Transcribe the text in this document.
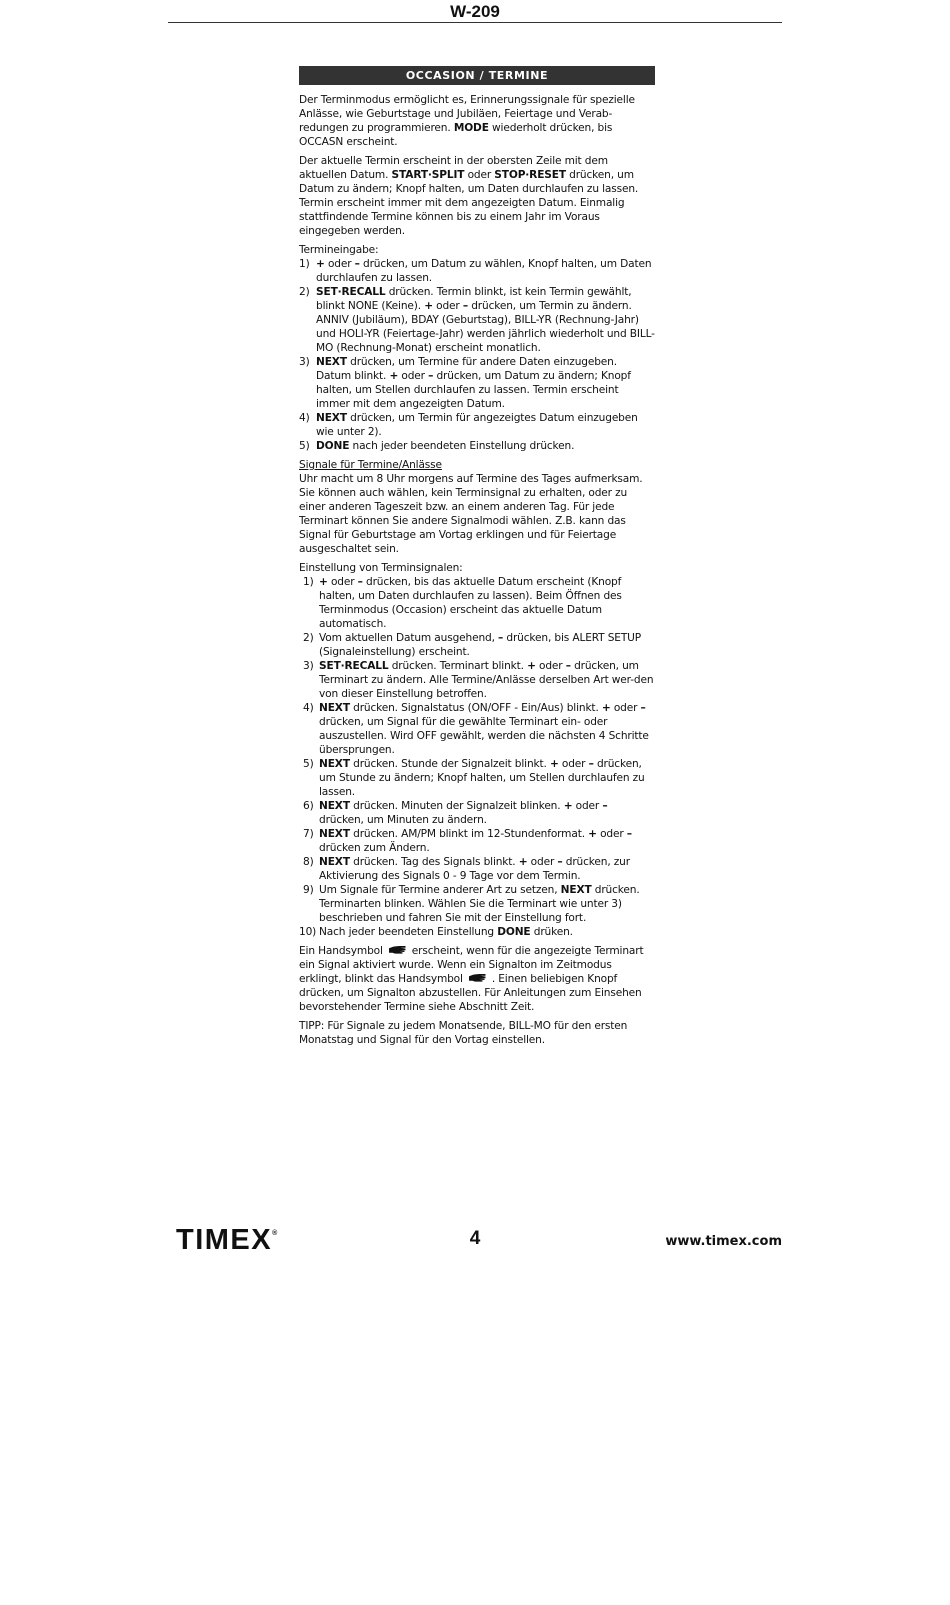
W-209
OCCASION / TERMINE

Der Terminmodus ermöglicht es, Erinnerungssignale für spezielle Anlässe, wie Geburtstage und Jubiläen, Feiertage und Verab-redungen zu programmieren. MODE wiederholt drücken, bis OCCASN erscheint.

Der aktuelle Termin erscheint in der obersten Zeile mit dem aktuellen Datum. START·SPLIT oder STOP·RESET drücken, um Datum zu ändern; Knopf halten, um Daten durchlaufen zu lassen. Termin erscheint immer mit dem angezeigten Datum. Einmalig stattfindende Termine können bis zu einem Jahr im Voraus eingegeben werden.

Termineingabe:
1) + oder – drücken, um Datum zu wählen, Knopf halten, um Daten durchlaufen zu lassen.
2) SET·RECALL drücken. Termin blinkt, ist kein Termin gewählt, blinkt NONE (Keine). + oder – drücken, um Termin zu ändern. ANNIV (Jubiläum), BDAY (Geburtstag), BILL-YR (Rechnung-Jahr) und HOLI-YR (Feiertage-Jahr) werden jährlich wiederholt und BILL-MO (Rechnung-Monat) erscheint monatlich.
3) NEXT drücken, um Termine für andere Daten einzugeben. Datum blinkt. + oder – drücken, um Datum zu ändern; Knopf halten, um Stellen durchlaufen zu lassen. Termin erscheint immer mit dem angezeigten Datum.
4) NEXT drücken, um Termin für angezeigtes Datum einzugeben wie unter 2).
5) DONE nach jeder beendeten Einstellung drücken.
Signale für Termine/Anlässe

Uhr macht um 8 Uhr morgens auf Termine des Tages aufmerksam. Sie können auch wählen, kein Terminsignal zu erhalten, oder zu einer anderen Tageszeit bzw. an einem anderen Tag. Für jede Terminart können Sie andere Signalmodi wählen. Z.B. kann das Signal für Geburtstage am Vortag erklingen und für Feiertage ausgeschaltet sein.

Einstellung von Terminsignalen:
1) + oder – drücken, bis das aktuelle Datum erscheint (Knopf halten, um Daten durchlaufen zu lassen). Beim Öffnen des Terminmodus (Occasion) erscheint das aktuelle Datum automatisch.
2) Vom aktuellen Datum ausgehend, – drücken, bis ALERT SETUP (Signaleinstellung) erscheint.
3) SET·RECALL drücken. Terminart blinkt. + oder – drücken, um Terminart zu ändern. Alle Termine/Anlässe derselben Art wer-den von dieser Einstellung betroffen.
4) NEXT drücken. Signalstatus (ON/OFF - Ein/Aus) blinkt. + oder – drücken, um Signal für die gewählte Terminart ein- oder auszustellen. Wird OFF gewählt, werden die nächsten 4 Schritte übersprungen.
5) NEXT drücken. Stunde der Signalzeit blinkt. + oder – drücken, um Stunde zu ändern; Knopf halten, um Stellen durchlaufen zu lassen.
6) NEXT drücken. Minuten der Signalzeit blinken. + oder – drücken, um Minuten zu ändern.
7) NEXT drücken. AM/PM blinkt im 12-Stundenformat. + oder – drücken zum Ändern.
8) NEXT drücken. Tag des Signals blinkt. + oder – drücken, zur Aktivierung des Signals 0 - 9 Tage vor dem Termin.
9) Um Signale für Termine anderer Art zu setzen, NEXT drücken. Terminarten blinken. Wählen Sie die Terminart wie unter 3) beschrieben und fahren Sie mit der Einstellung fort.
10) Nach jeder beendeten Einstellung DONE drüken.

Ein Handsymbol	erscheint, wenn für die angezeigte Terminart ein Signal aktiviert wurde. Wenn ein Signalton im Zeitmodus erklingt, blinkt das Handsymbol	. Einen beliebigen Knopf drücken, um Signalton abzustellen. Für Anleitungen zum Einsehen bevorstehender Termine siehe Abschnitt Zeit.

TIPP: Für Signale zu jedem Monatsende, BILL-MO für den ersten Monatstag und Signal für den Vortag einstellen.

TIMEX®	4	www.timex.com
